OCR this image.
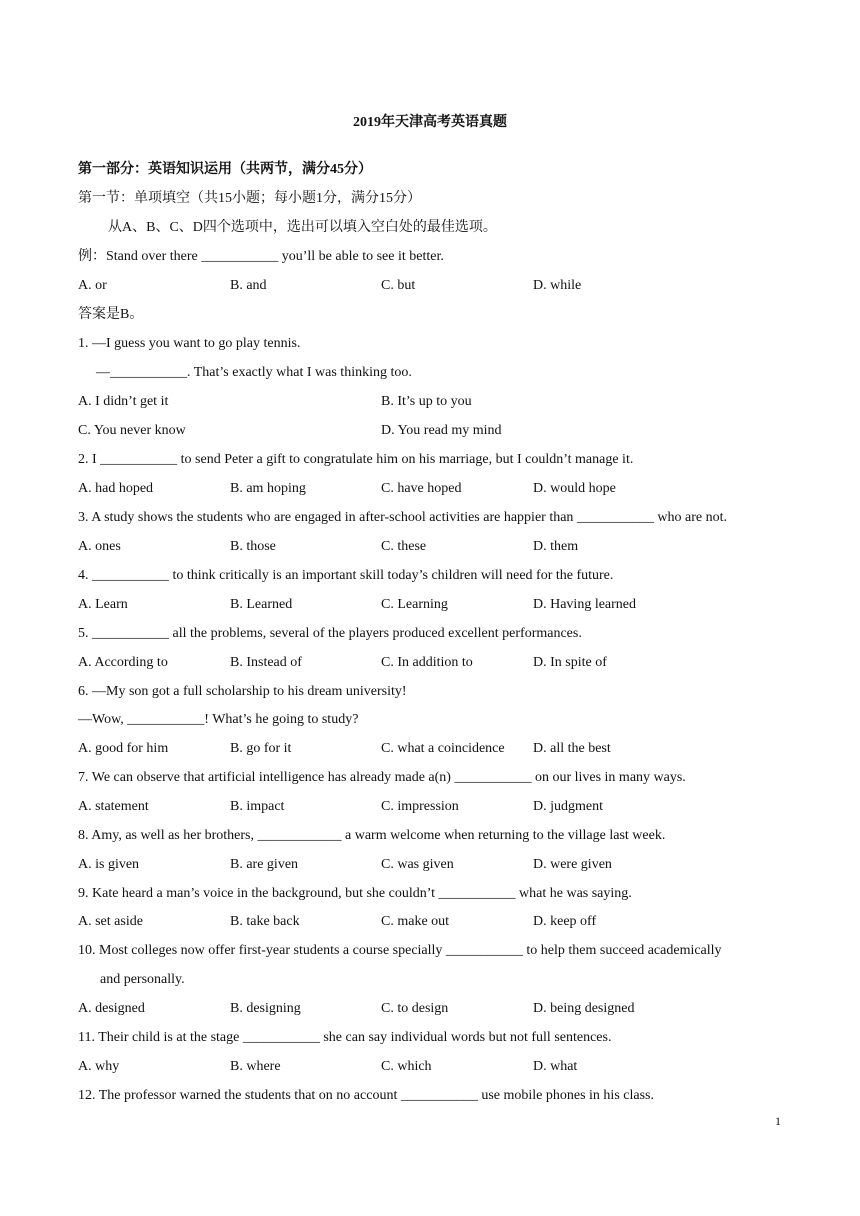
2019年天津高考英语真题
第一部分：英语知识运用（共两节，满分45分）
第一节：单项填空（共15小题；每小题1分，满分15分）
从A、B、C、D四个选项中，选出可以填入空白处的最佳选项。
例：Stand over there ___________ you’ll be able to see it better.
A. or	B. and	C. but	D. while
答案是B。
1. —I guess you want to go play tennis.
—___________. That’s exactly what I was thinking too.
A. I didn’t get it	B. It’s up to you
C. You never know	D. You read my mind
2. I ___________ to send Peter a gift to congratulate him on his marriage, but I couldn’t manage it.
A. had hoped	B. am hoping	C. have hoped	D. would hope
3. A study shows the students who are engaged in after-school activities are happier than ___________ who are not.
A. ones	B. those	C. these	D. them
4. ___________ to think critically is an important skill today’s children will need for the future.
A. Learn	B. Learned	C. Learning	D. Having learned
5. ___________ all the problems, several of the players produced excellent performances.
A. According to	B. Instead of	C. In addition to	D. In spite of
6. —My son got a full scholarship to his dream university!
—Wow, ___________! What’s he going to study?
A. good for him	B. go for it	C. what a coincidence D. all the best
7. We can observe that artificial intelligence has already made a(n) ___________ on our lives in many ways.
A. statement	B. impact	C. impression	D. judgment
8. Amy, as well as her brothers, ____________ a warm welcome when returning to the village last week.
A. is given	B. are given	C. was given	D. were given
9. Kate heard a man’s voice in the background, but she couldn’t ___________ what he was saying.
A. set aside	B. take back	C. make out	D. keep off
10. Most colleges now offer first-year students a course specially ___________ to help them succeed academically
and personally.
A. designed	B. designing	C. to design	D. being designed
11. Their child is at the stage ___________ she can say individual words but not full sentences.
A. why	B. where	C. which	D. what
12. The professor warned the students that on no account ___________ use mobile phones in his class.
1
